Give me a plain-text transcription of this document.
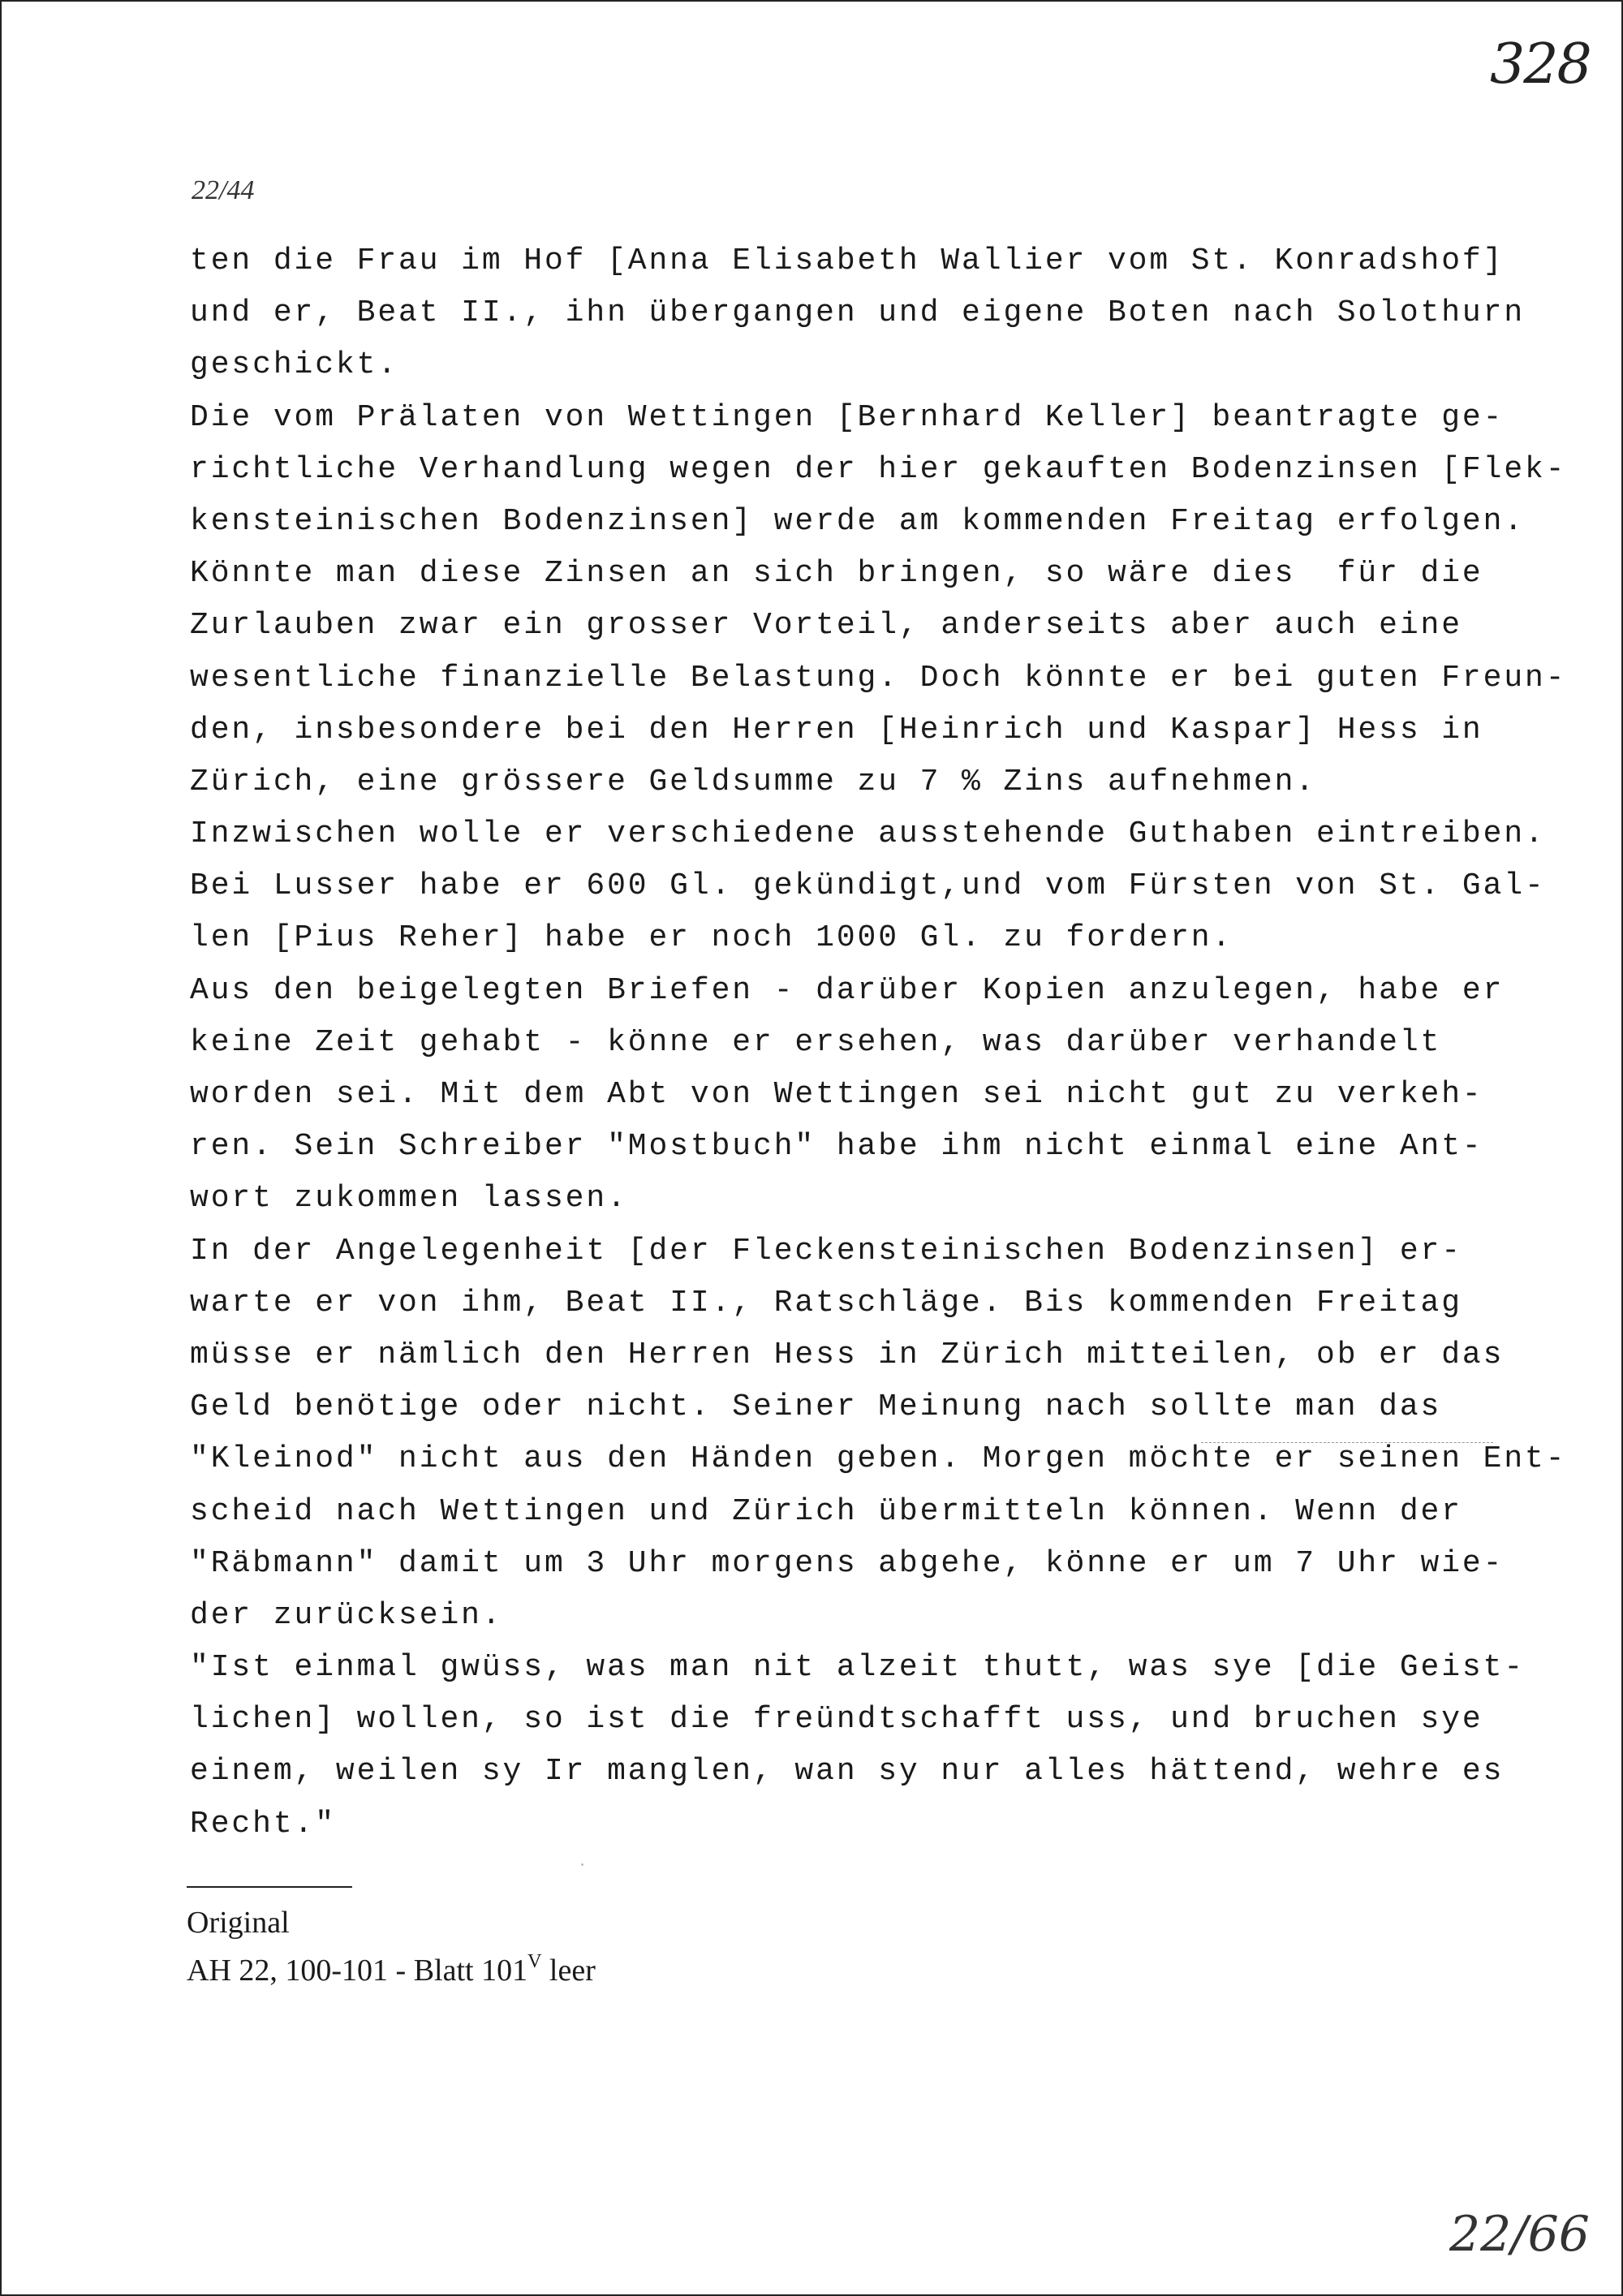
328
22/44
ten die Frau im Hof [Anna Elisabeth Wallier vom St. Konradshof]
und er, Beat II., ihn übergangen und eigene Boten nach Solothurn
geschickt.
Die vom Prälaten von Wettingen [Bernhard Keller] beantragte ge-
richtliche Verhandlung wegen der hier gekauften Bodenzinsen [Flek-
kensteinischen Bodenzinsen] werde am kommenden Freitag erfolgen.
Könnte man diese Zinsen an sich bringen, so wäre dies  für die
Zurlauben zwar ein grosser Vorteil, anderseits aber auch eine
wesentliche finanzielle Belastung. Doch könnte er bei guten Freun-
den, insbesondere bei den Herren [Heinrich und Kaspar] Hess in
Zürich, eine grössere Geldsumme zu 7 % Zins aufnehmen.
Inzwischen wolle er verschiedene ausstehende Guthaben eintreiben.
Bei Lusser habe er 600 Gl. gekündigt,und vom Fürsten von St. Gal-
len [Pius Reher] habe er noch 1000 Gl. zu fordern.
Aus den beigelegten Briefen - darüber Kopien anzulegen, habe er
keine Zeit gehabt - könne er ersehen, was darüber verhandelt
worden sei. Mit dem Abt von Wettingen sei nicht gut zu verkeh-
ren. Sein Schreiber "Mostbuch" habe ihm nicht einmal eine Ant-
wort zukommen lassen.
In der Angelegenheit [der Fleckensteinischen Bodenzinsen] er-
warte er von ihm, Beat II., Ratschläge. Bis kommenden Freitag
müsse er nämlich den Herren Hess in Zürich mitteilen, ob er das
Geld benötige oder nicht. Seiner Meinung nach sollte man das
"Kleinod" nicht aus den Händen geben. Morgen möchte er seinen Ent-
scheid nach Wettingen und Zürich übermitteln können. Wenn der
"Räbmann" damit um 3 Uhr morgens abgehe, könne er um 7 Uhr wie-
der zurücksein.
"Ist einmal gwüss, was man nit alzeit thutt, was sye [die Geist-
lichen] wollen, so ist die freündtschafft uss, und bruchen sye
einem, weilen sy Ir manglen, wan sy nur alles hättend, wehre es
Recht."
Original
AH 22, 100-101 - Blatt $101^V$ leer
22/66
